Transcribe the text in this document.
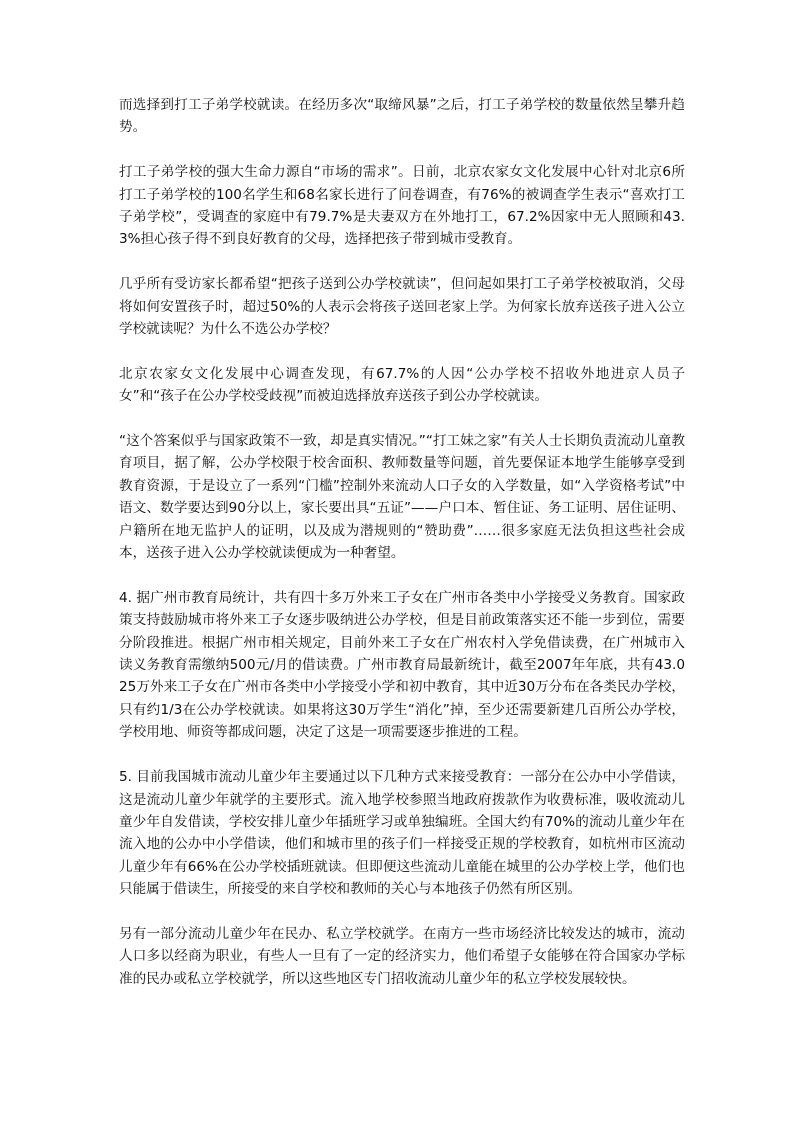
而选择到打工子弟学校就读。在经历多次“取缔风暴”之后，打工子弟学校的数量依然呈攀升趋势。

打工子弟学校的强大生命力源自“市场的需求”。日前，北京农家女文化发展中心针对北京6所打工子弟学校的100名学生和68名家长进行了问卷调查，有76%的被调查学生表示“喜欢打工子弟学校”，受调查的家庭中有79.7%是夫妻双方在外地打工，67.2%因家中无人照顾和43.3%担心孩子得不到良好教育的父母，选择把孩子带到城市受教育。

几乎所有受访家长都希望“把孩子送到公办学校就读”，但问起如果打工子弟学校被取消，父母将如何安置孩子时，超过50%的人表示会将孩子送回老家上学。为何家长放弃送孩子进入公立学校就读呢？为什么不选公办学校？

北京农家女文化发展中心调查发现，有67.7%的人因“公办学校不招收外地进京人员子女”和“孩子在公办学校受歧视”而被迫选择放弃送孩子到公办学校就读。

“这个答案似乎与国家政策不一致，却是真实情况。”“打工妹之家”有关人士长期负责流动儿童教育项目，据了解，公办学校限于校舍面积、教师数量等问题，首先要保证本地学生能够享受到教育资源，于是设立了一系列“门槛”控制外来流动人口子女的入学数量，如“入学资格考试”中语文、数学要达到90分以上，家长要出具“五证”——户口本、暂住证、务工证明、居住证明、户籍所在地无监护人的证明，以及成为潜规则的“赞助费”……很多家庭无法负担这些社会成本，送孩子进入公办学校就读便成为一种奢望。

4. 据广州市教育局统计，共有四十多万外来工子女在广州市各类中小学接受义务教育。国家政策支持鼓励城市将外来工子女逐步吸纳进公办学校，但是目前政策落实还不能一步到位，需要分阶段推进。根据广州市相关规定，目前外来工子女在广州农村入学免借读费，在广州城市入读义务教育需缴纳500元/月的借读费。广州市教育局最新统计，截至2007年年底，共有43.025万外来工子女在广州市各类中小学接受小学和初中教育，其中近30万分布在各类民办学校，只有约1/3在公办学校就读。如果将这30万学生“消化”掉，至少还需要新建几百所公办学校，学校用地、师资等都成问题，决定了这是一项需要逐步推进的工程。

5. 目前我国城市流动儿童少年主要通过以下几种方式来接受教育：一部分在公办中小学借读，这是流动儿童少年就学的主要形式。流入地学校参照当地政府拨款作为收费标准，吸收流动儿童少年自发借读，学校安排儿童少年插班学习或单独编班。全国大约有70%的流动儿童少年在流入地的公办中小学借读，他们和城市里的孩子们一样接受正规的学校教育，如杭州市区流动儿童少年有66%在公办学校插班就读。但即便这些流动儿童能在城里的公办学校上学，他们也只能属于借读生，所接受的来自学校和教师的关心与本地孩子仍然有所区别。

另有一部分流动儿童少年在民办、私立学校就学。在南方一些市场经济比较发达的城市，流动人口多以经商为职业，有些人一旦有了一定的经济实力，他们希望子女能够在符合国家办学标准的民办或私立学校就学，所以这些地区专门招收流动儿童少年的私立学校发展较快。
